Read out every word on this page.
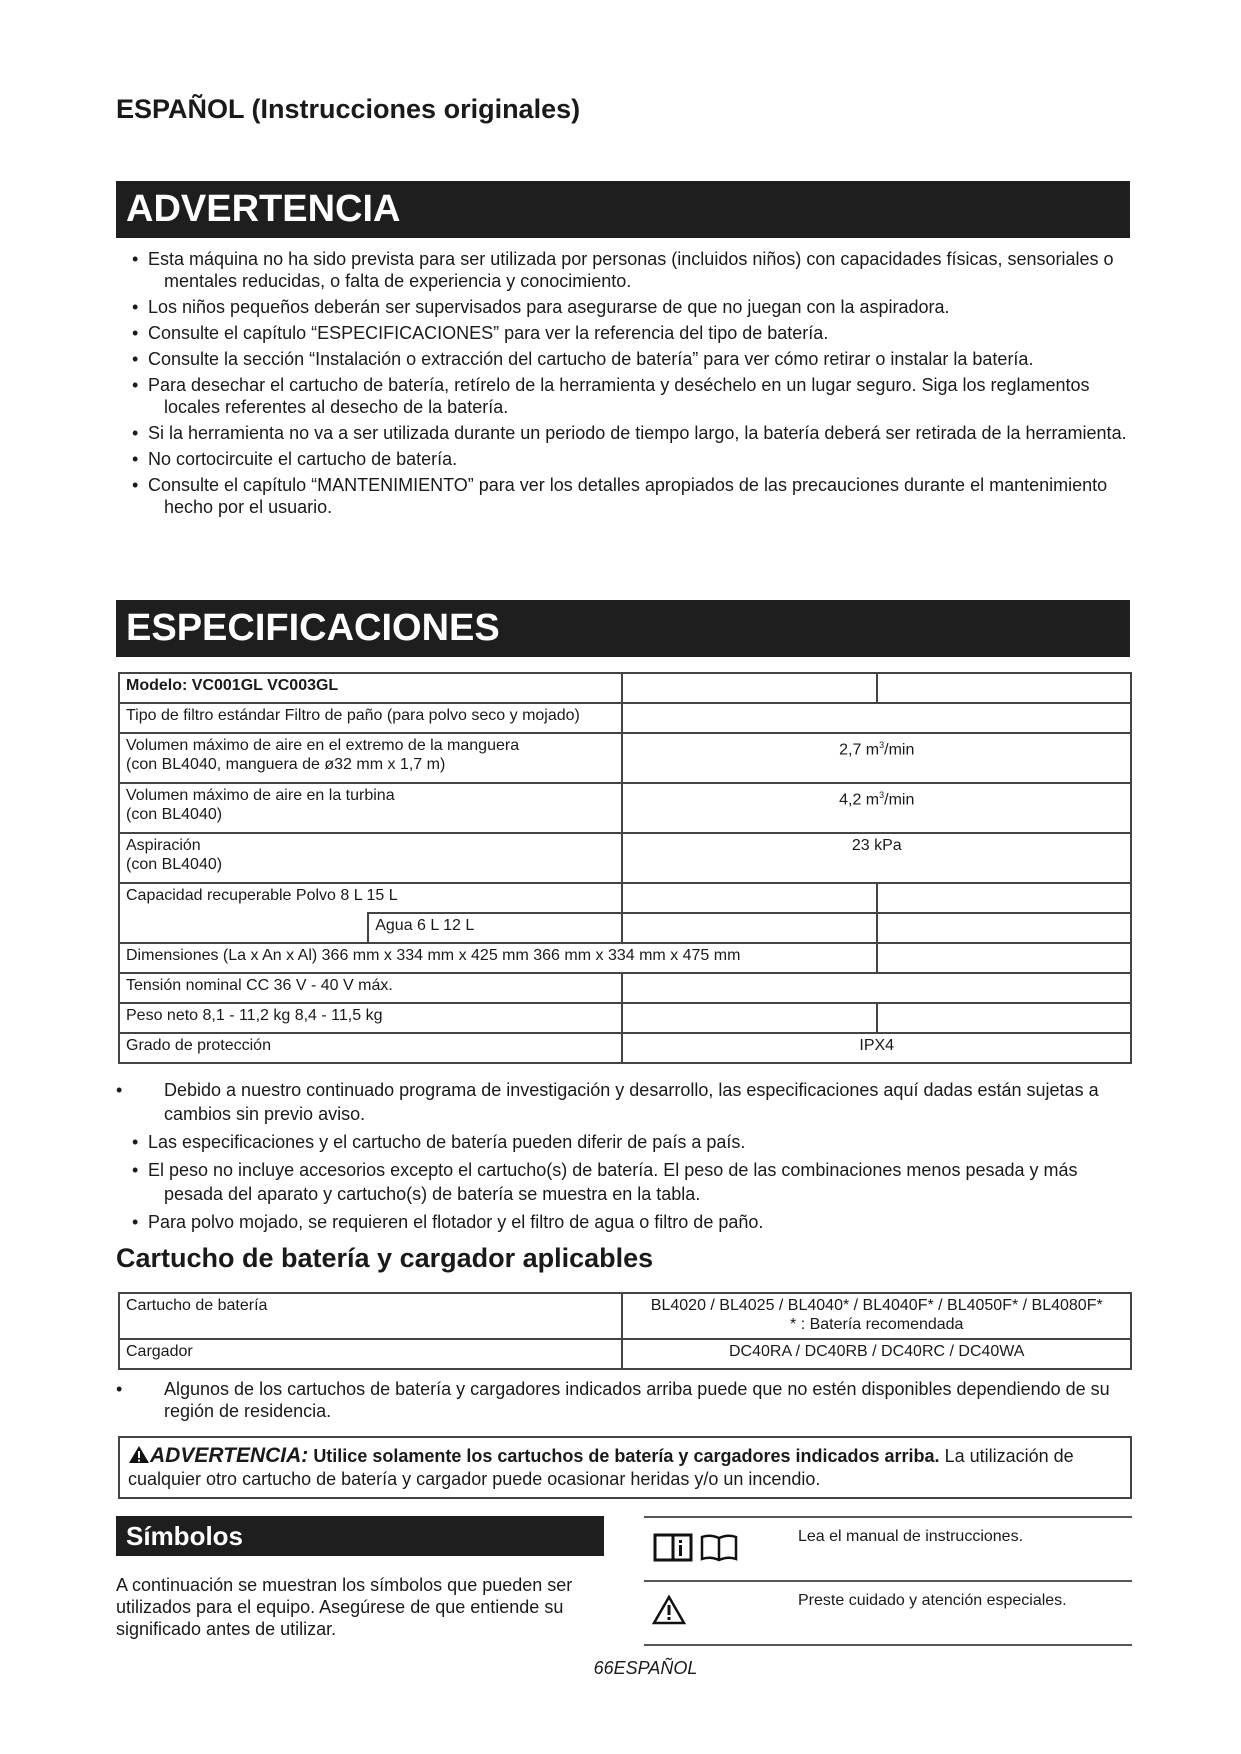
ESPAÑOL (Instrucciones originales)
ADVERTENCIA
• Esta máquina no ha sido prevista para ser utilizada por personas (incluidos niños) con capacidades físicas, sensoriales o mentales reducidas, o falta de experiencia y conocimiento.
• Los niños pequeños deberán ser supervisados para asegurarse de que no juegan con la aspiradora.
• Consulte el capítulo “ESPECIFICACIONES” para ver la referencia del tipo de batería.
• Consulte la sección “Instalación o extracción del cartucho de batería” para ver cómo retirar o instalar la batería.
• Para desechar el cartucho de batería, retírelo de la herramienta y deséchelo en un lugar seguro. Siga los reglamentos locales referentes al desecho de la batería.
• Si la herramienta no va a ser utilizada durante un periodo de tiempo largo, la batería deberá ser retirada de la herramienta.
• No cortocircuite el cartucho de batería.
• Consulte el capítulo “MANTENIMIENTO” para ver los detalles apropiados de las precauciones durante el mantenimiento hecho por el usuario.
ESPECIFICACIONES
Modelo: VC001GL VC003GL			
Tipo de filtro estándar Filtro de paño (para polvo seco y mojado)			

Volumen máximo de aire en el extremo de la manguera
(con BL4040, manguera de ø32 mm x 1,7 m)		2,7 $m^3/\min$	

Volumen máximo de aire en la turbina
(con BL4040)		4,2 $m^3/\min$	

Aspiración
(con BL4040)		23 kPa	
Capacidad recuperable Polvo 8 L 15 L			
	Agua 6 L 12 L		
Dimensiones (La x An x Al) 366 mm x 334 mm x 425 mm 366 mm x 334 mm x 475 mm			
Tensión nominal CC 36 V - 40 V máx.			
Peso neto 8,1 - 11,2 kg 8,4 - 11,5 kg			
Grado de protección		IPX4	
• Debido a nuestro continuado programa de investigación y desarrollo, las especificaciones aquí dadas están sujetas a cambios sin previo aviso.
• Las especificaciones y el cartucho de batería pueden diferir de país a país.
• El peso no incluye accesorios excepto el cartucho(s) de batería. El peso de las combinaciones menos pesada y más pesada del aparato y cartucho(s) de batería se muestra en la tabla.
• Para polvo mojado, se requieren el flotador y el filtro de agua o filtro de paño.
Cartucho de batería y cargador aplicables
Cartucho de batería	BL4020 / BL4025 / BL4040* / BL4040F* / BL4050F* / BL4080F*
* : Batería recomendada

Cargador	DC40RA / DC40RB / DC40RC / DC40WA
• Algunos de los cartuchos de batería y cargadores indicados arriba puede que no estén disponibles dependiendo de su región de residencia.
ADVERTENCIA: Utilice solamente los cartuchos de batería y cargadores indicados arriba. La utilización de cualquier otro cartucho de batería y cargador puede ocasionar heridas y/o un incendio.
Símbolos

A continuación se muestran los símbolos que pueden ser utilizados para el equipo. Asegúrese de que entiende su significado antes de utilizar.

Lea el manual de instrucciones.
Preste cuidado y atención especiales.
66ESPAÑOL
